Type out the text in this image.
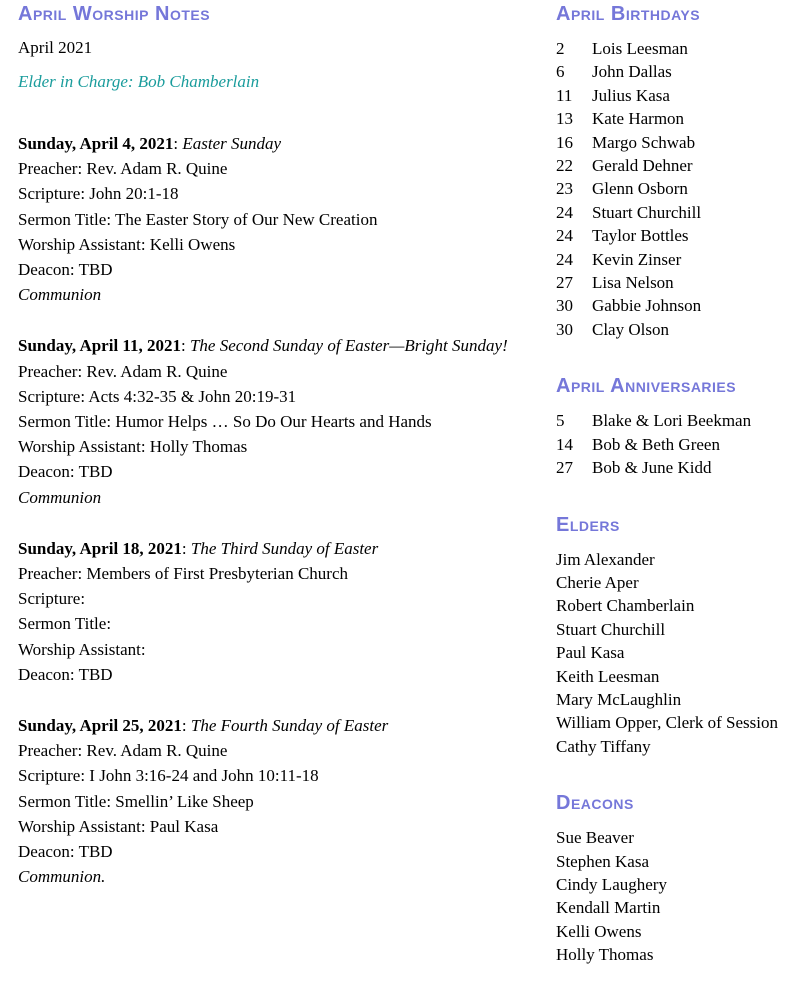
April Worship Notes

April 2021

Elder in Charge: Bob Chamberlain

Sunday, April 4, 2021: Easter Sunday

Preacher: Rev. Adam R. Quine

Scripture: John 20:1-18

Sermon Title: The Easter Story of Our New Creation

Worship Assistant: Kelli Owens

Deacon: TBD

Communion

Sunday, April 11, 2021: The Second Sunday of Easter—Bright Sunday!

Preacher: Rev. Adam R. Quine

Scripture: Acts 4:32-35 & John 20:19-31

Sermon Title: Humor Helps … So Do Our Hearts and Hands

Worship Assistant: Holly Thomas

Deacon: TBD

Communion

Sunday, April 18, 2021: The Third Sunday of Easter

Preacher: Members of First Presbyterian Church

Scripture:

Sermon Title:

Worship Assistant:

Deacon: TBD

Sunday, April 25, 2021: The Fourth Sunday of Easter

Preacher: Rev. Adam R. Quine

Scripture: I John 3:16-24 and John 10:11-18

Sermon Title: Smellin’ Like Sheep

Worship Assistant: Paul Kasa

Deacon: TBD

Communion.

April Birthdays
2	Lois Leesman
6	John Dallas
11	Julius Kasa
13	Kate Harmon
16	Margo Schwab
22	Gerald Dehner
23	Glenn Osborn
24	Stuart Churchill
24	Taylor Bottles
24	Kevin Zinser
27	Lisa Nelson
30	Gabbie Johnson
30	Clay Olson
April Anniversaries
5	Blake & Lori Beekman
14	Bob & Beth Green
27	Bob & June Kidd
Elders
Jim Alexander
Cherie Aper
Robert Chamberlain
Stuart Churchill
Paul Kasa
Keith Leesman
Mary McLaughlin
William Opper, Clerk of Session
Cathy Tiffany
Deacons
Sue Beaver
Stephen Kasa
Cindy Laughery
Kendall Martin
Kelli Owens
Holly Thomas
